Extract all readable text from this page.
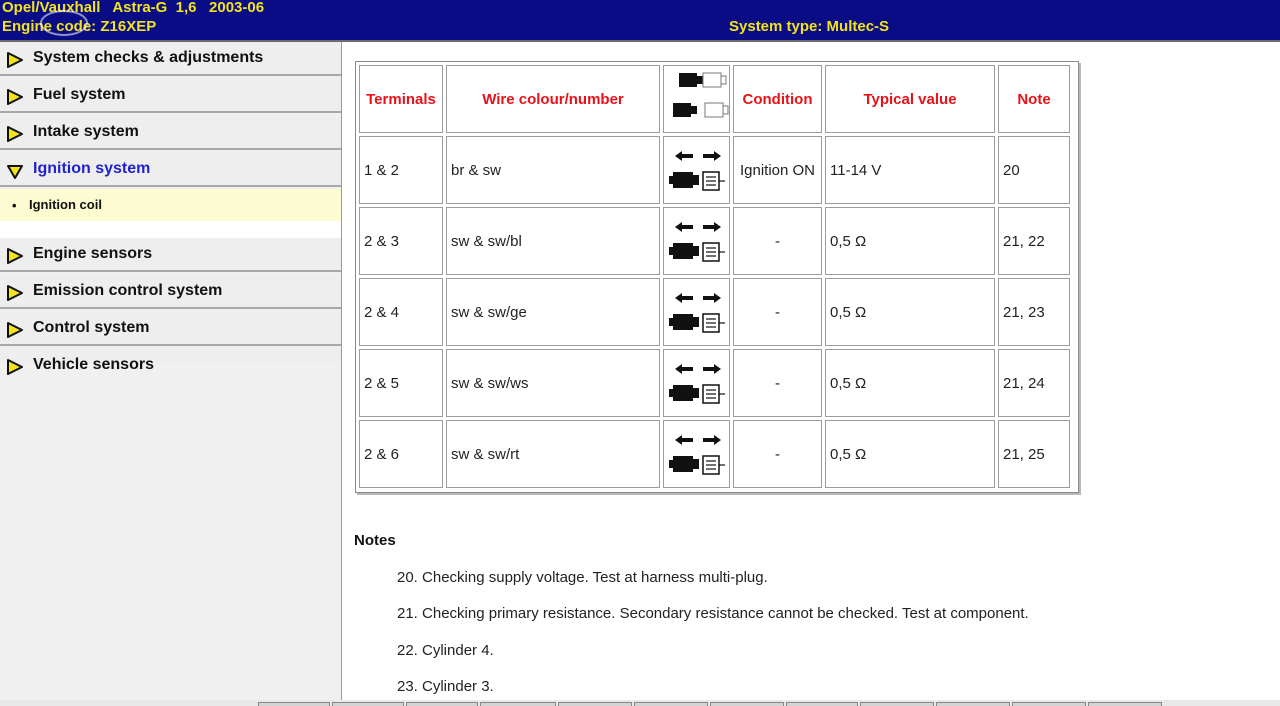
Opel/Vauxhall   Astra-G  1,6   2003-06
Engine code: Z16XEP	System type: Multec-S
System checks & adjustments
Fuel system
Intake system
Ignition system
• Ignition coil
Engine sensors
Emission control system
Control system
Vehicle sensors
Terminals	Wire colour/number		Condition	Typical value	Note
1 & 2	br & sw		Ignition ON	11-14 V	20
2 & 3	sw & sw/bl		-	0,5 Ω	21, 22
2 & 4	sw & sw/ge		-	0,5 Ω	21, 23
2 & 5	sw & sw/ws		-	0,5 Ω	21, 24
2 & 6	sw & sw/rt		-	0,5 Ω	21, 25
Notes
20. Checking supply voltage. Test at harness multi-plug.
21. Checking primary resistance. Secondary resistance cannot be checked. Test at component.
22. Cylinder 4.
23. Cylinder 3.
